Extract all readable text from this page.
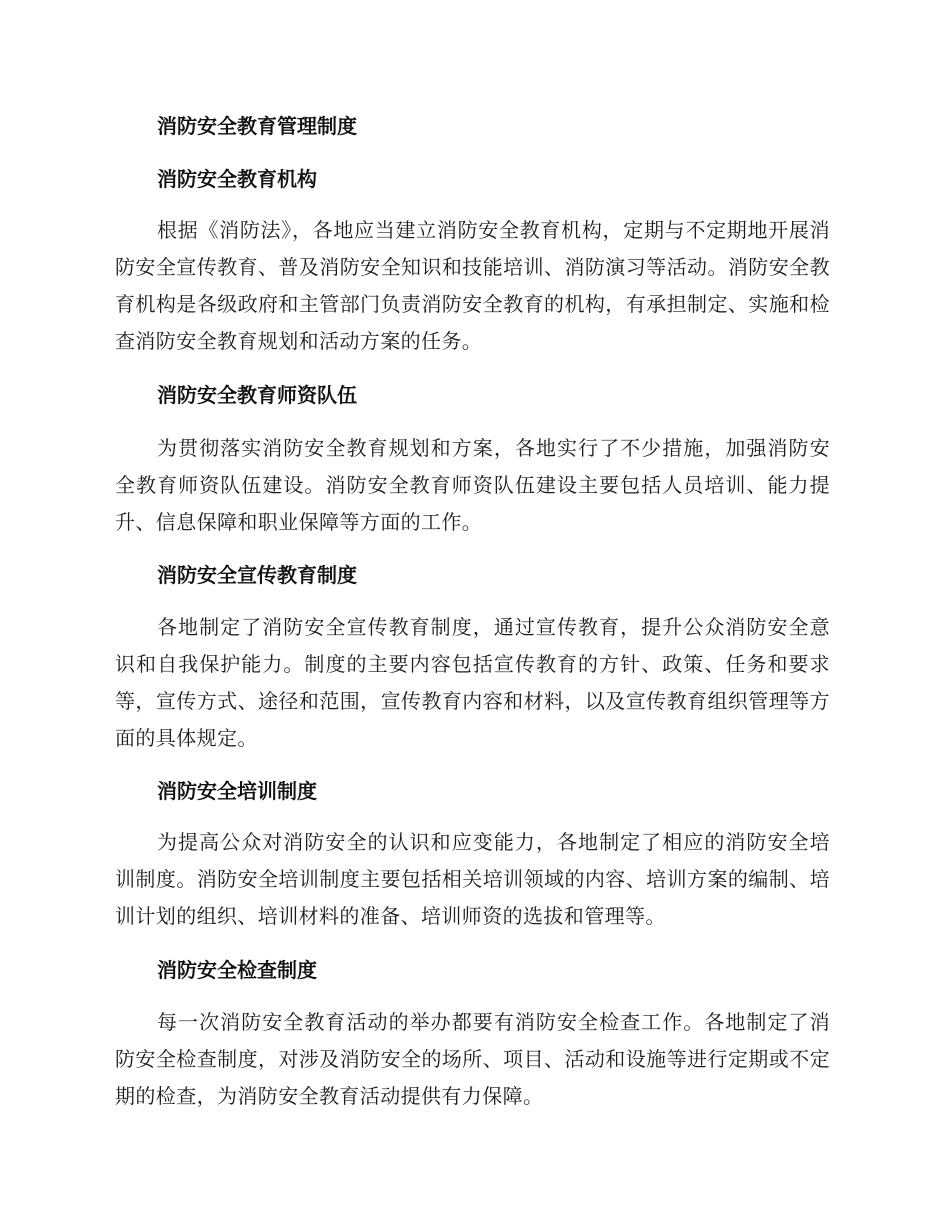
消防安全教育管理制度
消防安全教育机构

根据《消防法》，各地应当建立消防安全教育机构，定期与不定期地开展消防安全宣传教育、普及消防安全知识和技能培训、消防演习等活动。消防安全教育机构是各级政府和主管部门负责消防安全教育的机构，有承担制定、实施和检查消防安全教育规划和活动方案的任务。

消防安全教育师资队伍

为贯彻落实消防安全教育规划和方案，各地实行了不少措施，加强消防安全教育师资队伍建设。消防安全教育师资队伍建设主要包括人员培训、能力提升、信息保障和职业保障等方面的工作。

消防安全宣传教育制度

各地制定了消防安全宣传教育制度，通过宣传教育，提升公众消防安全意识和自我保护能力。制度的主要内容包括宣传教育的方针、政策、任务和要求等，宣传方式、途径和范围，宣传教育内容和材料，以及宣传教育组织管理等方面的具体规定。

消防安全培训制度

为提高公众对消防安全的认识和应变能力，各地制定了相应的消防安全培训制度。消防安全培训制度主要包括相关培训领域的内容、培训方案的编制、培训计划的组织、培训材料的准备、培训师资的选拔和管理等。

消防安全检查制度

每一次消防安全教育活动的举办都要有消防安全检查工作。各地制定了消防安全检查制度，对涉及消防安全的场所、项目、活动和设施等进行定期或不定期的检查，为消防安全教育活动提供有力保障。
